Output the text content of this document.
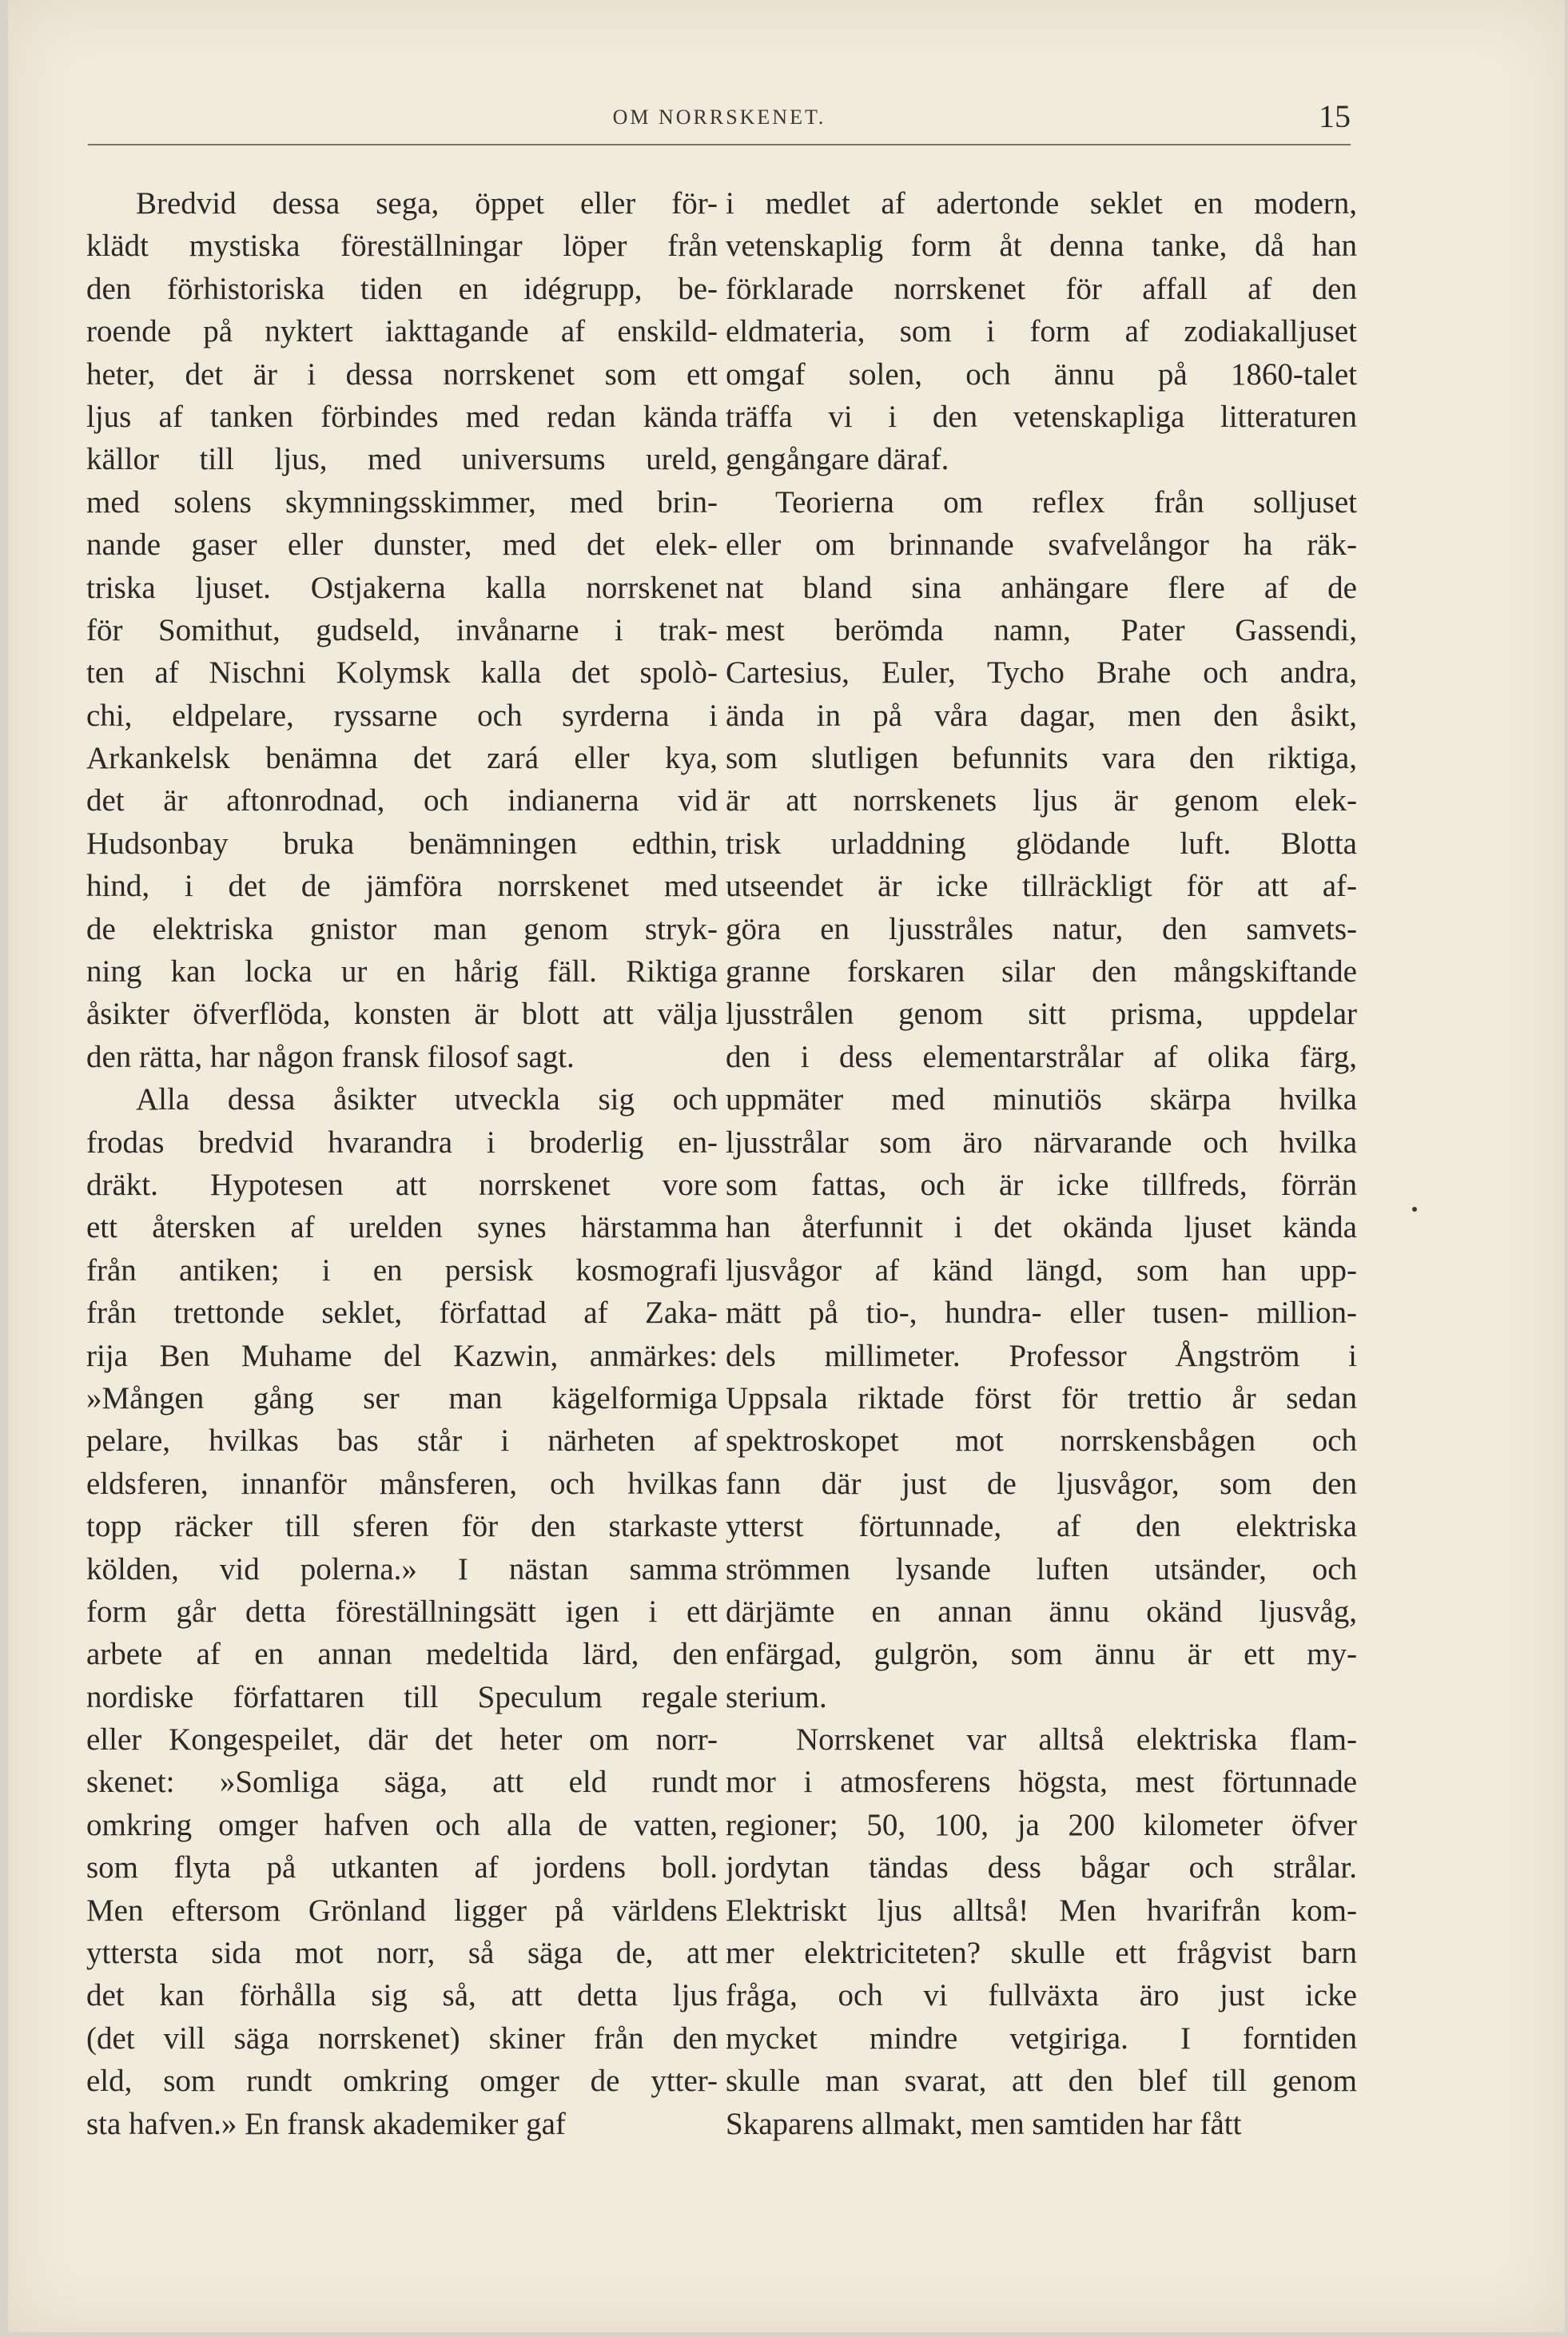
OM NORRSKENET.	15
Bredvid dessa sega, öppet eller för-
klädt mystiska föreställningar löper från
den förhistoriska tiden en idégrupp, be-
roende på nyktert iakttagande af enskild-
heter, det är i dessa norrskenet som ett
ljus af tanken förbindes med redan kända
källor till ljus, med universums ureld,
med solens skymningsskimmer, med brin-
nande gaser eller dunster, med det elek-
triska ljuset. Ostjakerna kalla norrskenet
för Somithut, gudseld, invånarne i trak-
ten af Nischni Kolymsk kalla det spolò-
chi, eldpelare, ryssarne och syrderna i
Arkankelsk benämna det zará eller kya,
det är aftonrodnad, och indianerna vid
Hudsonbay bruka benämningen edthin,
hind, i det de jämföra norrskenet med
de elektriska gnistor man genom stryk-
ning kan locka ur en hårig fäll. Riktiga
åsikter öfverflöda, konsten är blott att välja
den rätta, har någon fransk filosof sagt.
Alla dessa åsikter utveckla sig och
frodas bredvid hvarandra i broderlig en-
dräkt. Hypotesen att norrskenet vore
ett återsken af urelden synes härstamma
från antiken; i en persisk kosmografi
från trettonde seklet, författad af Zaka-
rija Ben Muhame del Kazwin, anmärkes:
»Mången gång ser man kägelformiga
pelare, hvilkas bas står i närheten af
eldsferen, innanför månsferen, och hvilkas
topp räcker till sferen för den starkaste
kölden, vid polerna.» I nästan samma
form går detta föreställningsätt igen i ett
arbete af en annan medeltida lärd, den
nordiske författaren till Speculum regale
eller Kongespeilet, där det heter om norr-
skenet: »Somliga säga, att eld rundt
omkring omger hafven och alla de vatten,
som flyta på utkanten af jordens boll.
Men eftersom Grönland ligger på världens
yttersta sida mot norr, så säga de, att
det kan förhålla sig så, att detta ljus
(det vill säga norrskenet) skiner från den
eld, som rundt omkring omger de ytter-
sta hafven.» En fransk akademiker gaf
i medlet af adertonde seklet en modern,
vetenskaplig form åt denna tanke, då han
förklarade norrskenet för affall af den
eldmateria, som i form af zodiakalljuset
omgaf solen, och ännu på 1860-talet
träffa vi i den vetenskapliga litteraturen
gengångare däraf.
Teorierna om reflex från solljuset
eller om brinnande svafvelångor ha räk-
nat bland sina anhängare flere af de
mest berömda namn, Pater Gassendi,
Cartesius, Euler, Tycho Brahe och andra,
ända in på våra dagar, men den åsikt,
som slutligen befunnits vara den riktiga,
är att norrskenets ljus är genom elek-
trisk urladdning glödande luft. Blotta
utseendet är icke tillräckligt för att af-
göra en ljusstråles natur, den samvets-
granne forskaren silar den mångskiftande
ljusstrålen genom sitt prisma, uppdelar
den i dess elementarstrålar af olika färg,
uppmäter med minutiös skärpa hvilka
ljusstrålar som äro närvarande och hvilka
som fattas, och är icke tillfreds, förrän
han återfunnit i det okända ljuset kända
ljusvågor af känd längd, som han upp-
mätt på tio-, hundra- eller tusen- million-
dels millimeter. Professor Ångström i
Uppsala riktade först för trettio år sedan
spektroskopet mot norrskensbågen och
fann där just de ljusvågor, som den
ytterst förtunnade, af den elektriska
strömmen lysande luften utsänder, och
därjämte en annan ännu okänd ljusvåg,
enfärgad, gulgrön, som ännu är ett my-
sterium.
Norrskenet var alltså elektriska flam-
mor i atmosferens högsta, mest förtunnade
regioner; 50, 100, ja 200 kilometer öfver
jordytan tändas dess bågar och strålar.
Elektriskt ljus alltså! Men hvarifrån kom-
mer elektriciteten? skulle ett frågvist barn
fråga, och vi fullväxta äro just icke
mycket mindre vetgiriga. I forntiden
skulle man svarat, att den blef till genom
Skaparens allmakt, men samtiden har fått
